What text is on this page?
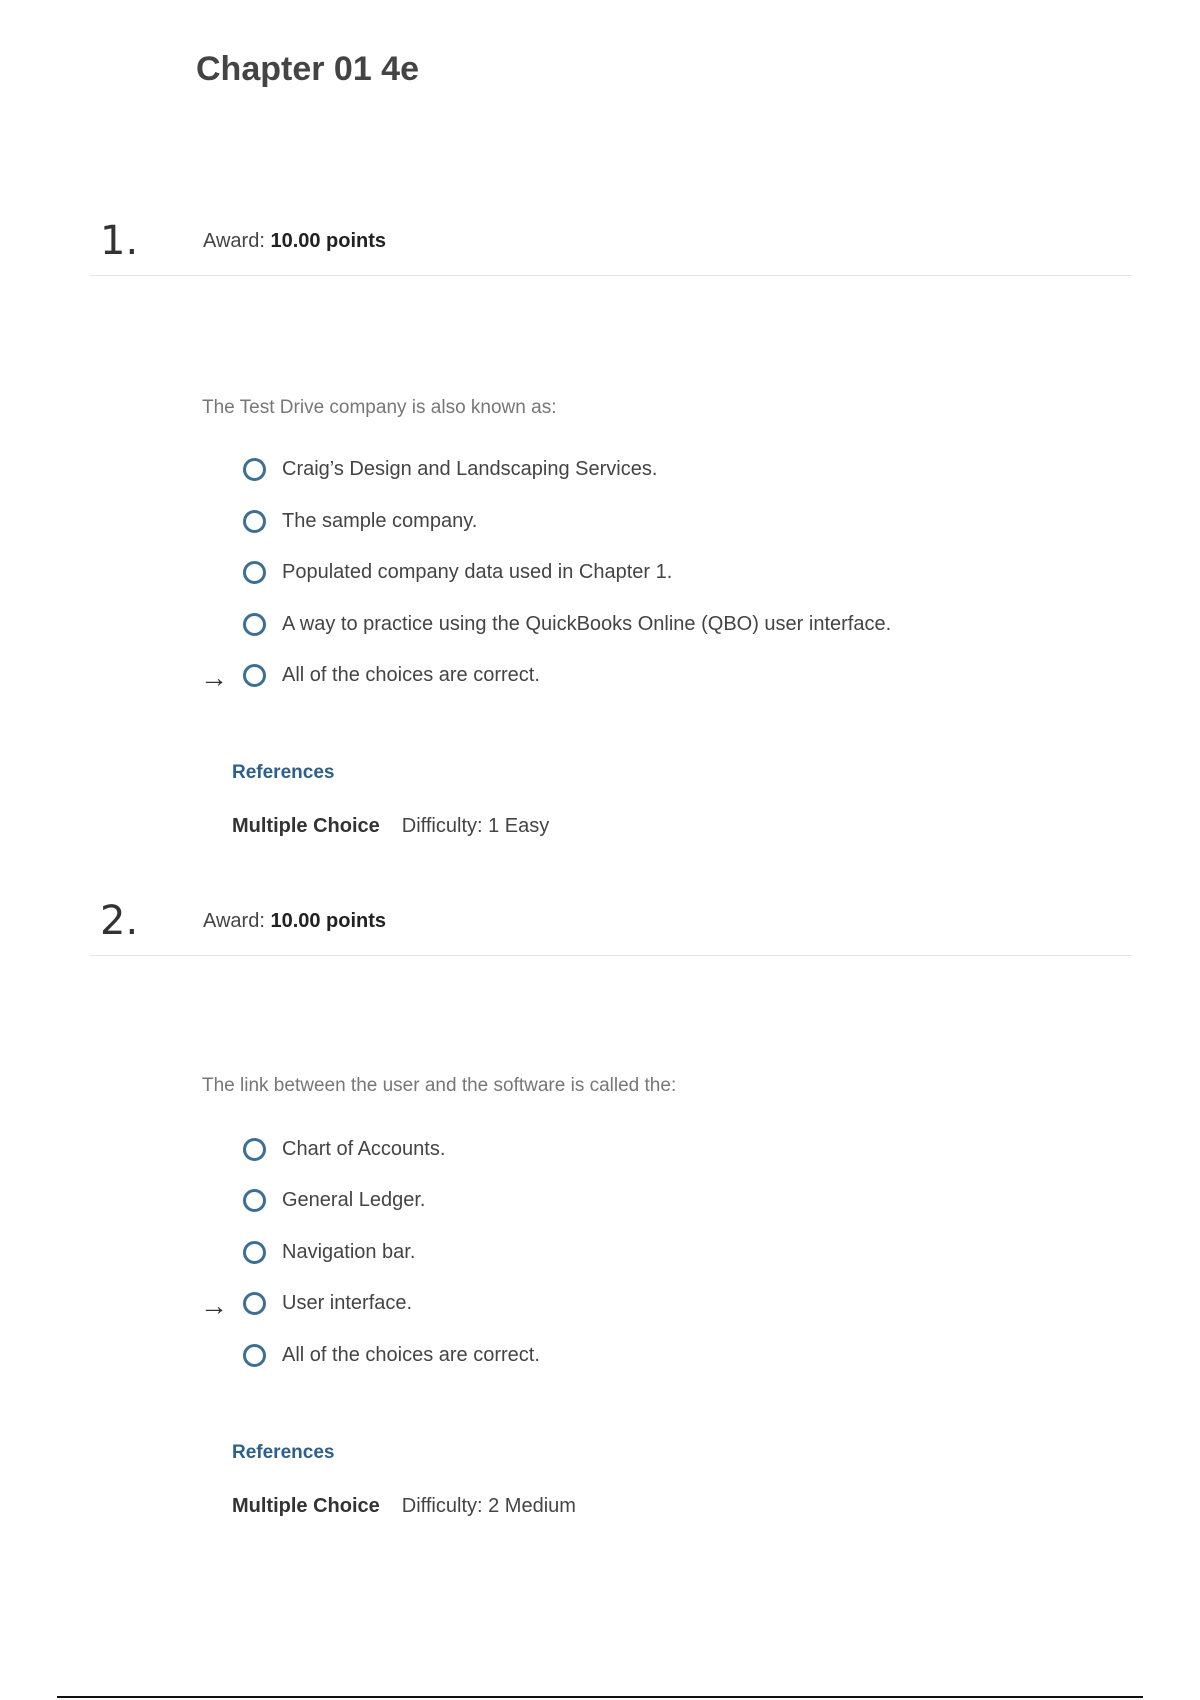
Chapter 01 4e
1.	Award: 10.00 points
The Test Drive company is also known as:
Craig’s Design and Landscaping Services.
The sample company.
Populated company data used in Chapter 1.
A way to practice using the QuickBooks Online (QBO) user interface.
→	All of the choices are correct.
References
Multiple Choice Difficulty: 1 Easy
2.	Award: 10.00 points
The link between the user and the software is called the:
Chart of Accounts.
General Ledger.
Navigation bar.
→	User interface.
All of the choices are correct.
References
Multiple Choice Difficulty: 2 Medium
